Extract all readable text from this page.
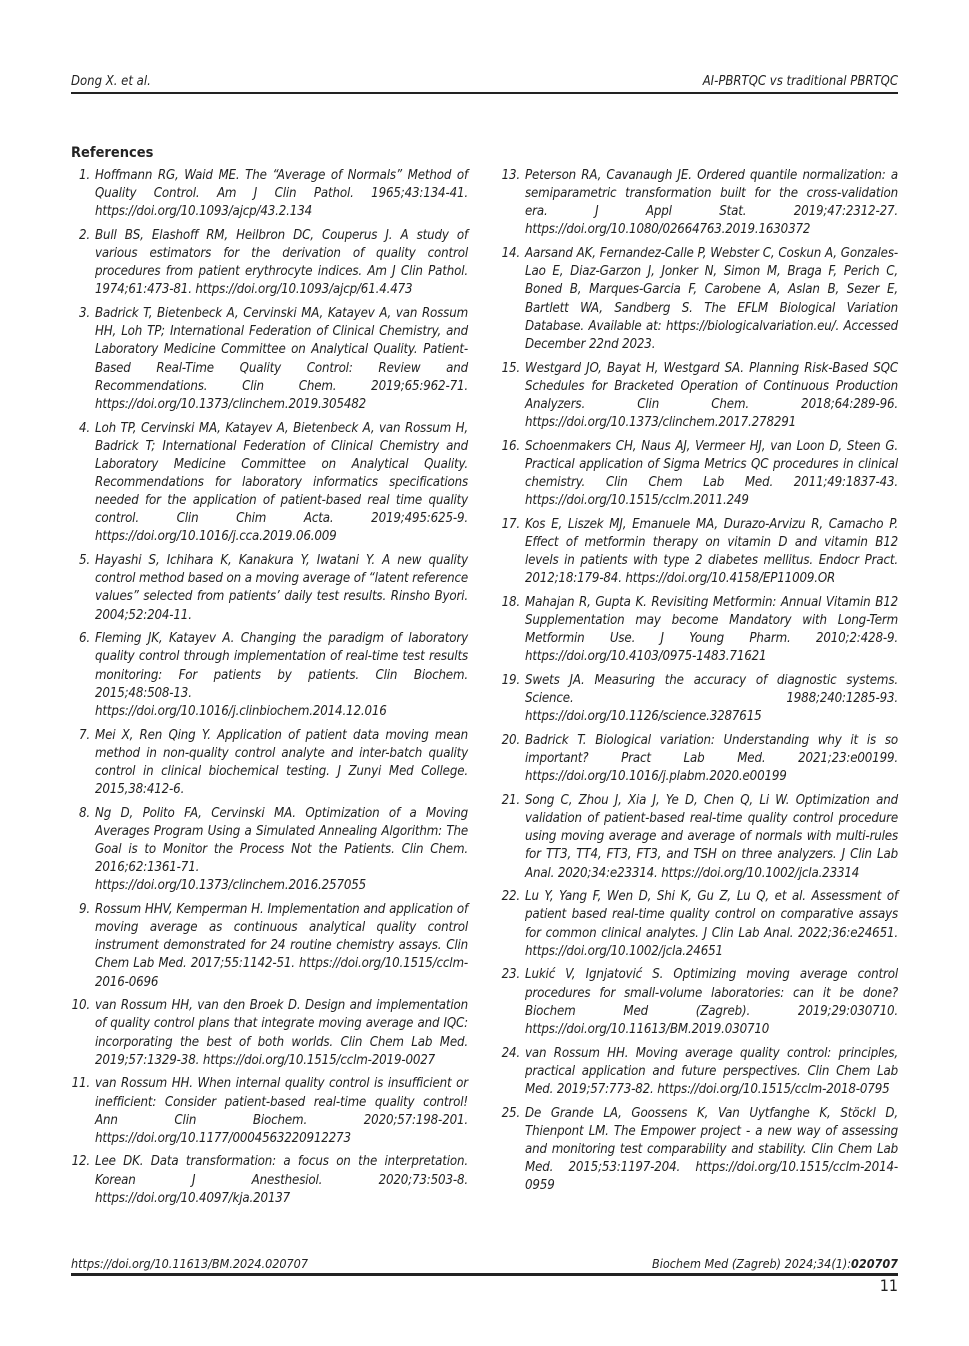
Dong X. et al.	AI-PBRTQC vs traditional PBRTQC
References
1. Hoffmann RG, Waid ME. The “Average of Normals” Method of Quality Control. Am J Clin Pathol. 1965;43:134-41. https://doi.org/10.1093/ajcp/43.2.134
2. Bull BS, Elashoff RM, Heilbron DC, Couperus J. A study of various estimators for the derivation of quality control procedures from patient erythrocyte indices. Am J Clin Pathol. 1974;61:473-81. https://doi.org/10.1093/ajcp/61.4.473
3. Badrick T, Bietenbeck A, Cervinski MA, Katayev A, van Rossum HH, Loh TP; International Federation of Clinical Chemistry, and Laboratory Medicine Committee on Analytical Quality. Patient-Based Real-Time Quality Control: Review and Recommendations. Clin Chem. 2019;65:962-71. https://doi.org/10.1373/clinchem.2019.305482
4. Loh TP, Cervinski MA, Katayev A, Bietenbeck A, van Rossum H, Badrick T; International Federation of Clinical Chemistry and Laboratory Medicine Committee on Analytical Quality. Recommendations for laboratory informatics specifications needed for the application of patient-based real time quality control. Clin Chim Acta. 2019;495:625-9. https://doi.org/10.1016/j.cca.2019.06.009
5. Hayashi S, Ichihara K, Kanakura Y, Iwatani Y. A new quality control method based on a moving average of “latent reference values” selected from patients’ daily test results. Rinsho Byori. 2004;52:204-11.
6. Fleming JK, Katayev A. Changing the paradigm of laboratory quality control through implementation of real-time test results monitoring: For patients by patients. Clin Biochem. 2015;48:508-13. https://doi.org/10.1016/j.clinbiochem.2014.12.016
7. Mei X, Ren Qing Y. Application of patient data moving mean method in non-quality control analyte and inter-batch quality control in clinical biochemical testing. J Zunyi Med College. 2015,38:412-6.
8. Ng D, Polito FA, Cervinski MA. Optimization of a Moving Averages Program Using a Simulated Annealing Algorithm: The Goal is to Monitor the Process Not the Patients. Clin Chem. 2016;62:1361-71. https://doi.org/10.1373/clinchem.2016.257055
9. Rossum HHV, Kemperman H. Implementation and application of moving average as continuous analytical quality control instrument demonstrated for 24 routine chemistry assays. Clin Chem Lab Med. 2017;55:1142-51. https://doi.org/10.1515/cclm-2016-0696
10. van Rossum HH, van den Broek D. Design and implementation of quality control plans that integrate moving average and IQC: incorporating the best of both worlds. Clin Chem Lab Med. 2019;57:1329-38. https://doi.org/10.1515/cclm-2019-0027
11. van Rossum HH. When internal quality control is insufficient or inefficient: Consider patient-based real-time quality control! Ann Clin Biochem. 2020;57:198-201. https://doi.org/10.1177/0004563220912273
12. Lee DK. Data transformation: a focus on the interpretation. Korean J Anesthesiol. 2020;73:503-8. https://doi.org/10.4097/kja.20137
13. Peterson RA, Cavanaugh JE. Ordered quantile normalization: a semiparametric transformation built for the cross-validation era. J Appl Stat. 2019;47:2312-27. https://doi.org/10.1080/02664763.2019.1630372
14. Aarsand AK, Fernandez-Calle P, Webster C, Coskun A, Gonzales-Lao E, Diaz-Garzon J, Jonker N, Simon M, Braga F, Perich C, Boned B, Marques-Garcia F, Carobene A, Aslan B, Sezer E, Bartlett WA, Sandberg S. The EFLM Biological Variation Database. Available at: https://biologicalvariation.eu/. Accessed December 22nd 2023.
15. Westgard JO, Bayat H, Westgard SA. Planning Risk-Based SQC Schedules for Bracketed Operation of Continuous Production Analyzers. Clin Chem. 2018;64:289-96. https://doi.org/10.1373/clinchem.2017.278291
16. Schoenmakers CH, Naus AJ, Vermeer HJ, van Loon D, Steen G. Practical application of Sigma Metrics QC procedures in clinical chemistry. Clin Chem Lab Med. 2011;49:1837-43. https://doi.org/10.1515/cclm.2011.249
17. Kos E, Liszek MJ, Emanuele MA, Durazo-Arvizu R, Camacho P. Effect of metformin therapy on vitamin D and vitamin B12 levels in patients with type 2 diabetes mellitus. Endocr Pract. 2012;18:179-84. https://doi.org/10.4158/EP11009.OR
18. Mahajan R, Gupta K. Revisiting Metformin: Annual Vitamin B12 Supplementation may become Mandatory with Long-Term Metformin Use. J Young Pharm. 2010;2:428-9. https://doi.org/10.4103/0975-1483.71621
19. Swets JA. Measuring the accuracy of diagnostic systems. Science. 1988;240:1285-93. https://doi.org/10.1126/science.3287615
20. Badrick T. Biological variation: Understanding why it is so important? Pract Lab Med. 2021;23:e00199. https://doi.org/10.1016/j.plabm.2020.e00199
21. Song C, Zhou J, Xia J, Ye D, Chen Q, Li W. Optimization and validation of patient-based real-time quality control procedure using moving average and average of normals with multi-rules for TT3, TT4, FT3, FT3, and TSH on three analyzers. J Clin Lab Anal. 2020;34:e23314. https://doi.org/10.1002/jcla.23314
22. Lu Y, Yang F, Wen D, Shi K, Gu Z, Lu Q, et al. Assessment of patient based real-time quality control on comparative assays for common clinical analytes. J Clin Lab Anal. 2022;36:e24651. https://doi.org/10.1002/jcla.24651
23. Lukić V, Ignjatović S. Optimizing moving average control procedures for small-volume laboratories: can it be done? Biochem Med (Zagreb). 2019;29:030710. https://doi.org/10.11613/BM.2019.030710
24. van Rossum HH. Moving average quality control: principles, practical application and future perspectives. Clin Chem Lab Med. 2019;57:773-82. https://doi.org/10.1515/cclm-2018-0795
25. De Grande LA, Goossens K, Van Uytfanghe K, Stöckl D, Thienpont LM. The Empower project - a new way of assessing and monitoring test comparability and stability. Clin Chem Lab Med. 2015;53:1197-204. https://doi.org/10.1515/cclm-2014-0959
https://doi.org/10.11613/BM.2024.020707	Biochem Med (Zagreb) 2024;34(1):020707
11
